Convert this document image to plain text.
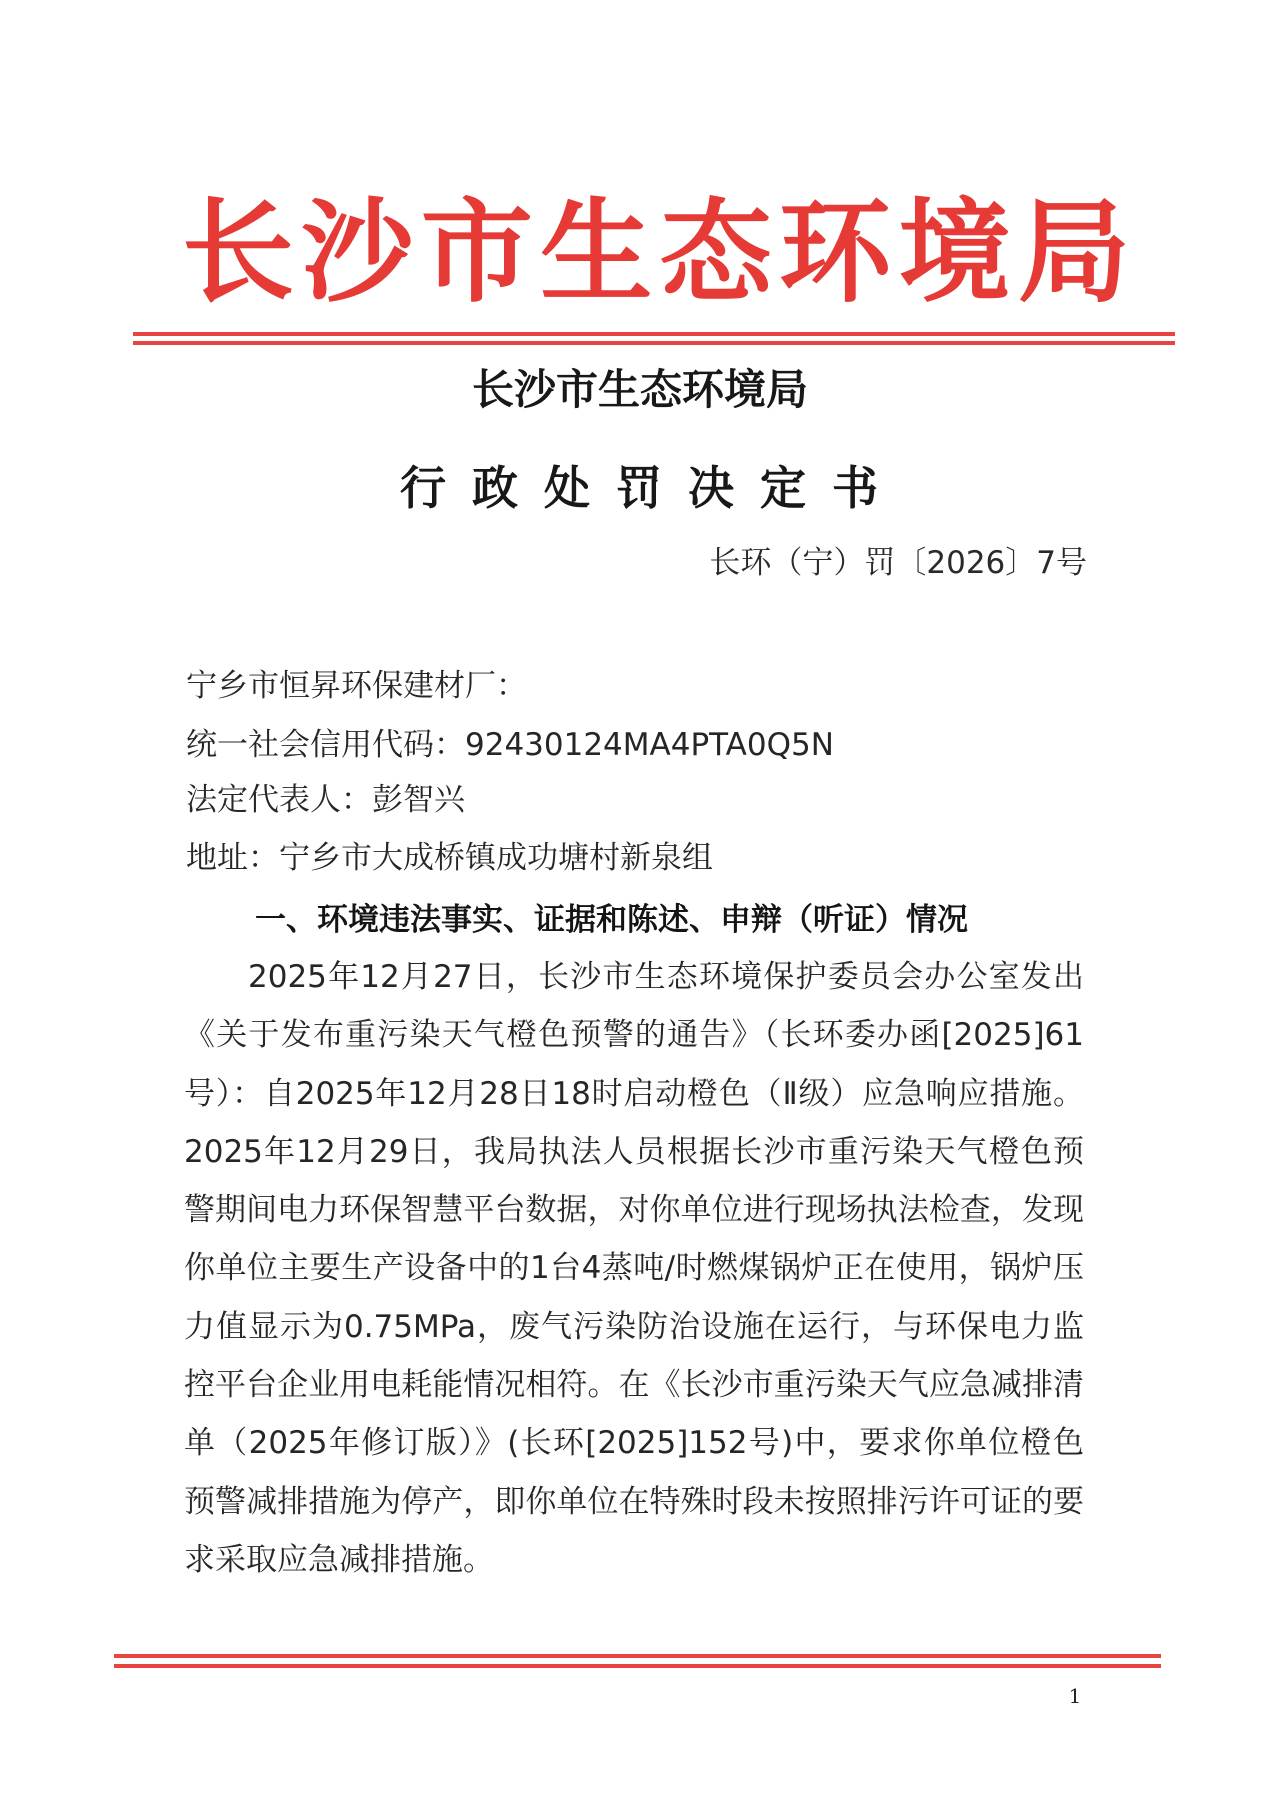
长沙市生态环境局
长沙市生态环境局
行政处罚决定书
长环（宁）罚〔2026〕7号
宁乡市恒昇环保建材厂：
统一社会信用代码：92430124MA4PTA0Q5N
法定代表人：彭智兴
地址：宁乡市大成桥镇成功塘村新泉组
一、环境违法事实、证据和陈述、申辩（听证）情况

2025年12月27日，长沙市生态环境保护委员会办公室发出《关于发布重污染天气橙色预警的通告》（长环委办函[2025]61号）：自2025年12月28日18时启动橙色（Ⅱ级）应急响应措施。2025年12月29日，我局执法人员根据长沙市重污染天气橙色预警期间电力环保智慧平台数据，对你单位进行现场执法检查，发现你单位主要生产设备中的1台4蒸吨/时燃煤锅炉正在使用，锅炉压力值显示为0.75MPa，废气污染防治设施在运行，与环保电力监控平台企业用电耗能情况相符。在《长沙市重污染天气应急减排清单（2025年修订版）》(长环[2025]152号)中，要求你单位橙色预警减排措施为停产，即你单位在特殊时段未按照排污许可证的要求采取应急减排措施。

1
